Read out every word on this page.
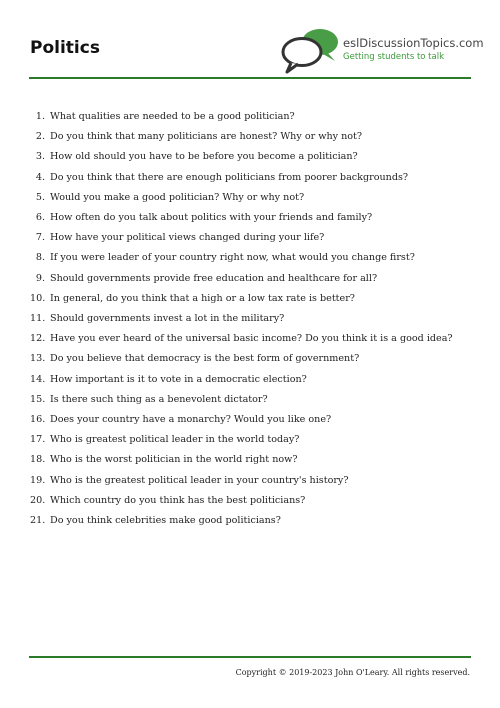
Politics	eslDiscussionTopics.com
Getting students to talk
1. What qualities are needed to be a good politician?
2. Do you think that many politicians are honest? Why or why not?
3. How old should you have to be before you become a politician?
4. Do you think that there are enough politicians from poorer backgrounds?
5. Would you make a good politician? Why or why not?
6. How often do you talk about politics with your friends and family?
7. How have your political views changed during your life?
8. If you were leader of your country right now, what would you change first?
9. Should governments provide free education and healthcare for all?
10. In general, do you think that a high or a low tax rate is better?
11. Should governments invest a lot in the military?
12. Have you ever heard of the universal basic income? Do you think it is a good idea?
13. Do you believe that democracy is the best form of government?
14. How important is it to vote in a democratic election?
15. Is there such thing as a benevolent dictator?
16. Does your country have a monarchy? Would you like one?
17. Who is greatest political leader in the world today?
18. Who is the worst politician in the world right now?
19. Who is the greatest political leader in your country's history?
20. Which country do you think has the best politicians?
21. Do you think celebrities make good politicians?
Copyright © 2019-2023 John O'Leary. All rights reserved.
